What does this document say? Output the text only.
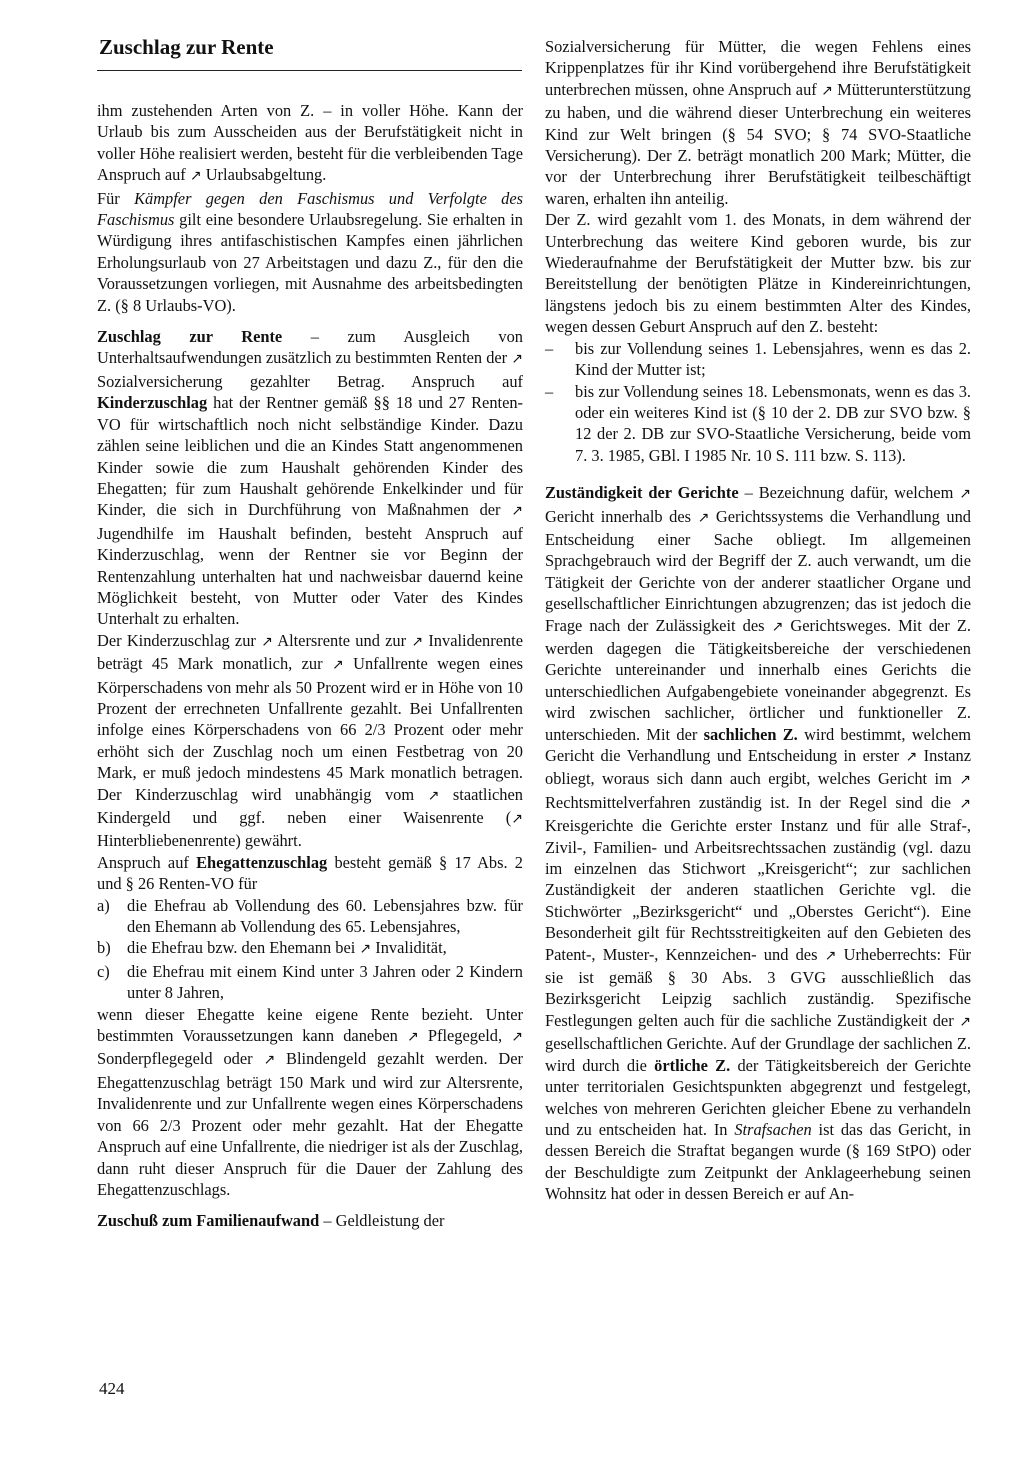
Zuschlag zur Rente

ihm zustehenden Arten von Z. – in voller Höhe. Kann der Urlaub bis zum Ausscheiden aus der Berufstätigkeit nicht in voller Höhe realisiert werden, besteht für die verbleibenden Tage Anspruch auf ↗ Urlaubsabgeltung.

Für Kämpfer gegen den Faschismus und Verfolgte des Faschismus gilt eine besondere Urlaubsregelung. Sie erhalten in Würdigung ihres antifaschistischen Kampfes einen jährlichen Erholungsurlaub von 27 Arbeitstagen und dazu Z., für den die Voraussetzungen vorliegen, mit Ausnahme des arbeitsbedingten Z. (§ 8 Urlaubs-VO).

Zuschlag zur Rente – zum Ausgleich von Unterhaltsaufwendungen zusätzlich zu bestimmten Renten der ↗ Sozialversicherung gezahlter Betrag. Anspruch auf Kinderzuschlag hat der Rentner gemäß §§ 18 und 27 Renten-VO für wirtschaftlich noch nicht selbständige Kinder. Dazu zählen seine leiblichen und die an Kindes Statt angenommenen Kinder sowie die zum Haushalt gehörenden Kinder des Ehegatten; für zum Haushalt gehörende Enkelkinder und für Kinder, die sich in Durchführung von Maßnahmen der ↗ Jugendhilfe im Haushalt befinden, besteht Anspruch auf Kinderzuschlag, wenn der Rentner sie vor Beginn der Rentenzahlung unterhalten hat und nachweisbar dauernd keine Möglichkeit besteht, von Mutter oder Vater des Kindes Unterhalt zu erhalten.

Der Kinderzuschlag zur ↗ Altersrente und zur ↗ Invalidenrente beträgt 45 Mark monatlich, zur ↗ Unfallrente wegen eines Körperschadens von mehr als 50 Prozent wird er in Höhe von 10 Prozent der errechneten Unfallrente gezahlt. Bei Unfallrenten infolge eines Körperschadens von 66 2/3 Prozent oder mehr erhöht sich der Zuschlag noch um einen Festbetrag von 20 Mark, er muß jedoch mindestens 45 Mark monatlich betragen. Der Kinderzuschlag wird unabhängig vom ↗ staatlichen Kindergeld und ggf. neben einer Waisenrente (↗ Hinterbliebenenrente) gewährt.

Anspruch auf Ehegattenzuschlag besteht gemäß § 17 Abs. 2 und § 26 Renten-VO für

a) die Ehefrau ab Vollendung des 60. Lebensjahres bzw. für den Ehemann ab Vollendung des 65. Lebensjahres,
b) die Ehefrau bzw. den Ehemann bei ↗ Invalidität,
c) die Ehefrau mit einem Kind unter 3 Jahren oder 2 Kindern unter 8 Jahren,

wenn dieser Ehegatte keine eigene Rente bezieht. Unter bestimmten Voraussetzungen kann daneben ↗ Pflegegeld, ↗ Sonderpflegegeld oder ↗ Blindengeld gezahlt werden. Der Ehegattenzuschlag beträgt 150 Mark und wird zur Altersrente, Invalidenrente und zur Unfallrente wegen eines Körperschadens von 66 2/3 Prozent oder mehr gezahlt. Hat der Ehegatte Anspruch auf eine Unfallrente, die niedriger ist als der Zuschlag, dann ruht dieser Anspruch für die Dauer der Zahlung des Ehegattenzuschlags.

Zuschuß zum Familienaufwand – Geldleistung der

Sozialversicherung für Mütter, die wegen Fehlens eines Krippenplatzes für ihr Kind vorübergehend ihre Berufstätigkeit unterbrechen müssen, ohne Anspruch auf ↗ Mütterunterstützung zu haben, und die während dieser Unterbrechung ein weiteres Kind zur Welt bringen (§ 54 SVO; § 74 SVO-Staatliche Versicherung). Der Z. beträgt monatlich 200 Mark; Mütter, die vor der Unterbrechung ihrer Berufstätigkeit teilbeschäftigt waren, erhalten ihn anteilig.

Der Z. wird gezahlt vom 1. des Monats, in dem während der Unterbrechung das weitere Kind geboren wurde, bis zur Wiederaufnahme der Berufstätigkeit der Mutter bzw. bis zur Bereitstellung der benötigten Plätze in Kindereinrichtungen, längstens jedoch bis zu einem bestimmten Alter des Kindes, wegen dessen Geburt Anspruch auf den Z. besteht:

– bis zur Vollendung seines 1. Lebensjahres, wenn es das 2. Kind der Mutter ist;
– bis zur Vollendung seines 18. Lebensmonats, wenn es das 3. oder ein weiteres Kind ist (§ 10 der 2. DB zur SVO bzw. § 12 der 2. DB zur SVO-Staatliche Versicherung, beide vom 7. 3. 1985, GBl. I 1985 Nr. 10 S. 111 bzw. S. 113).

Zuständigkeit der Gerichte – Bezeichnung dafür, welchem ↗ Gericht innerhalb des ↗ Gerichtssystems die Verhandlung und Entscheidung einer Sache obliegt. Im allgemeinen Sprachgebrauch wird der Begriff der Z. auch verwandt, um die Tätigkeit der Gerichte von der anderer staatlicher Organe und gesellschaftlicher Einrichtungen abzugrenzen; das ist jedoch die Frage nach der Zulässigkeit des ↗ Gerichtsweges. Mit der Z. werden dagegen die Tätigkeitsbereiche der verschiedenen Gerichte untereinander und innerhalb eines Gerichts die unterschiedlichen Aufgabengebiete voneinander abgegrenzt. Es wird zwischen sachlicher, örtlicher und funktioneller Z. unterschieden. Mit der sachlichen Z. wird bestimmt, welchem Gericht die Verhandlung und Entscheidung in erster ↗ Instanz obliegt, woraus sich dann auch ergibt, welches Gericht im ↗ Rechtsmittelverfahren zuständig ist. In der Regel sind die ↗ Kreisgerichte die Gerichte erster Instanz und für alle Straf-, Zivil-, Familien- und Arbeitsrechtssachen zuständig (vgl. dazu im einzelnen das Stichwort „Kreisgericht“; zur sachlichen Zuständigkeit der anderen staatlichen Gerichte vgl. die Stichwörter „Bezirksgericht“ und „Oberstes Gericht“). Eine Besonderheit gilt für Rechtsstreitigkeiten auf den Gebieten des Patent-, Muster-, Kennzeichen- und des ↗ Urheberrechts: Für sie ist gemäß § 30 Abs. 3 GVG ausschließlich das Bezirksgericht Leipzig sachlich zuständig. Spezifische Festlegungen gelten auch für die sachliche Zuständigkeit der ↗ gesellschaftlichen Gerichte. Auf der Grundlage der sachlichen Z. wird durch die örtliche Z. der Tätigkeitsbereich der Gerichte unter territorialen Gesichtspunkten abgegrenzt und festgelegt, welches von mehreren Gerichten gleicher Ebene zu verhandeln und zu entscheiden hat. In Strafsachen ist das das Gericht, in dessen Bereich die Straftat begangen wurde (§ 169 StPO) oder der Beschuldigte zum Zeitpunkt der Anklageerhebung seinen Wohnsitz hat oder in dessen Bereich er auf An-

424
